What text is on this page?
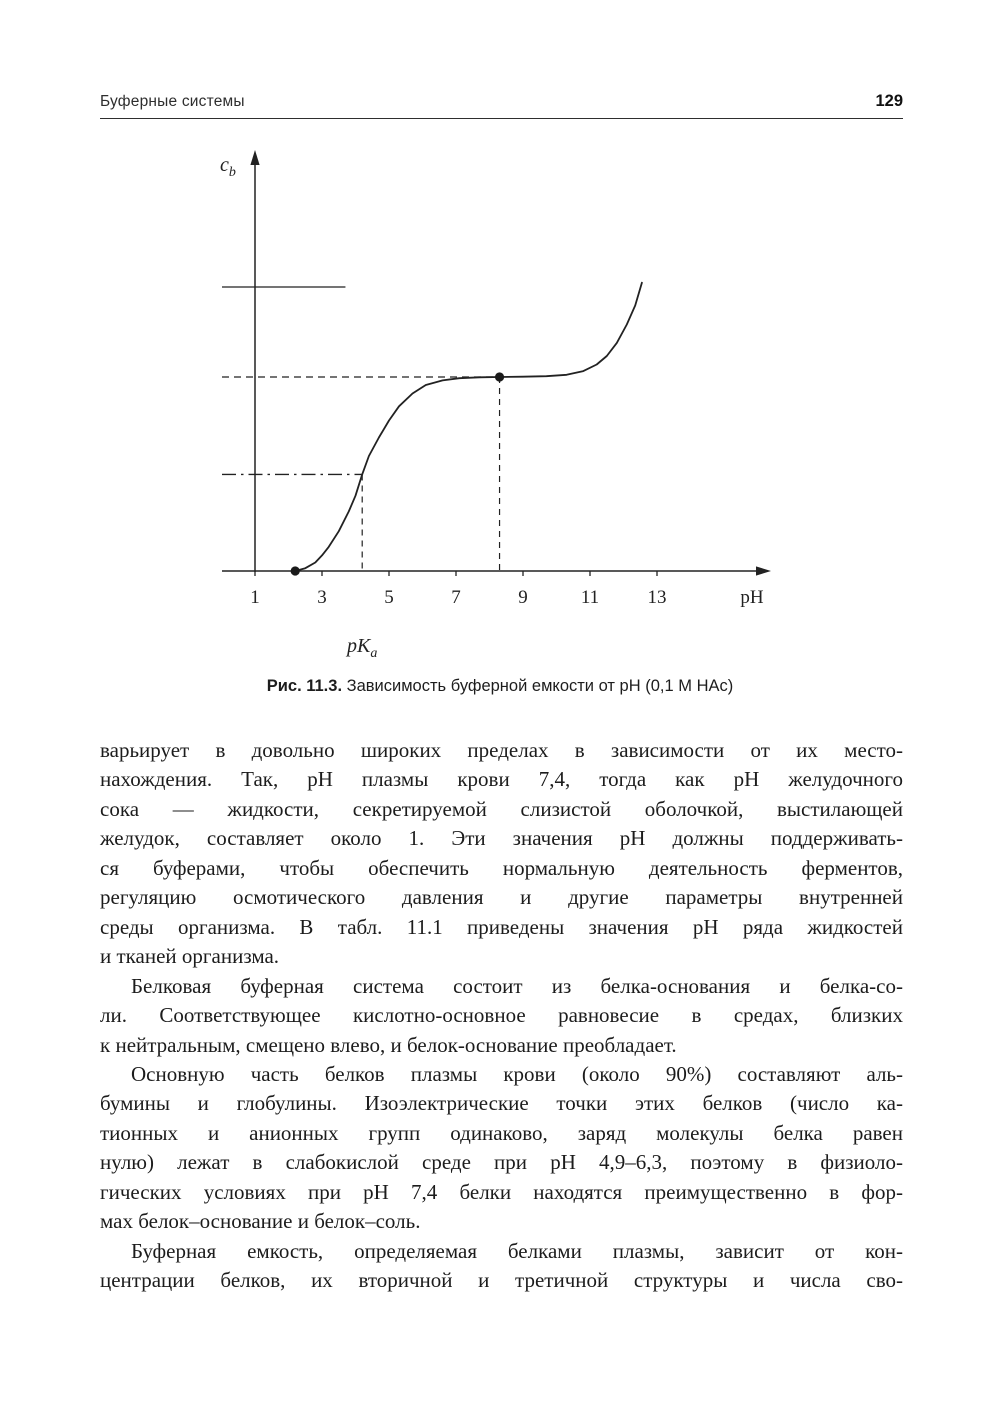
Буферные системы	129
1	3	5	7	9	11	13	pH
$c_b$
$pK_a$
Рис. 11.3. Зависимость буферной емкости от pH (0,1 М HAc)
варьирует в довольно широких пределах в зависимости от их место-
нахождения. Так, pH плазмы крови 7,4, тогда как pH желудочного
сока — жидкости, секретируемой слизистой оболочкой, выстилающей
желудок, составляет около 1. Эти значения pH должны поддерживать-
ся буферами, чтобы обеспечить нормальную деятельность ферментов,
регуляцию осмотического давления и другие параметры внутренней
среды организма. В табл. 11.1 приведены значения pH ряда жидкостей
и тканей организма.
Белковая буферная система состоит из белка-основания и белка-со-
ли. Соответствующее кислотно-основное равновесие в средах, близких
к нейтральным, смещено влево, и белок-основание преобладает.
Основную часть белков плазмы крови (около 90%) составляют аль-
бумины и глобулины. Изоэлектрические точки этих белков (число ка-
тионных и анионных групп одинаково, заряд молекулы белка равен
нулю) лежат в слабокислой среде при pH 4,9–6,3, поэтому в физиоло-
гических условиях при pH 7,4 белки находятся преимущественно в фор-
мах белок–основание и белок–соль.
Буферная емкость, определяемая белками плазмы, зависит от кон-
центрации белков, их вторичной и третичной структуры и числа сво-
